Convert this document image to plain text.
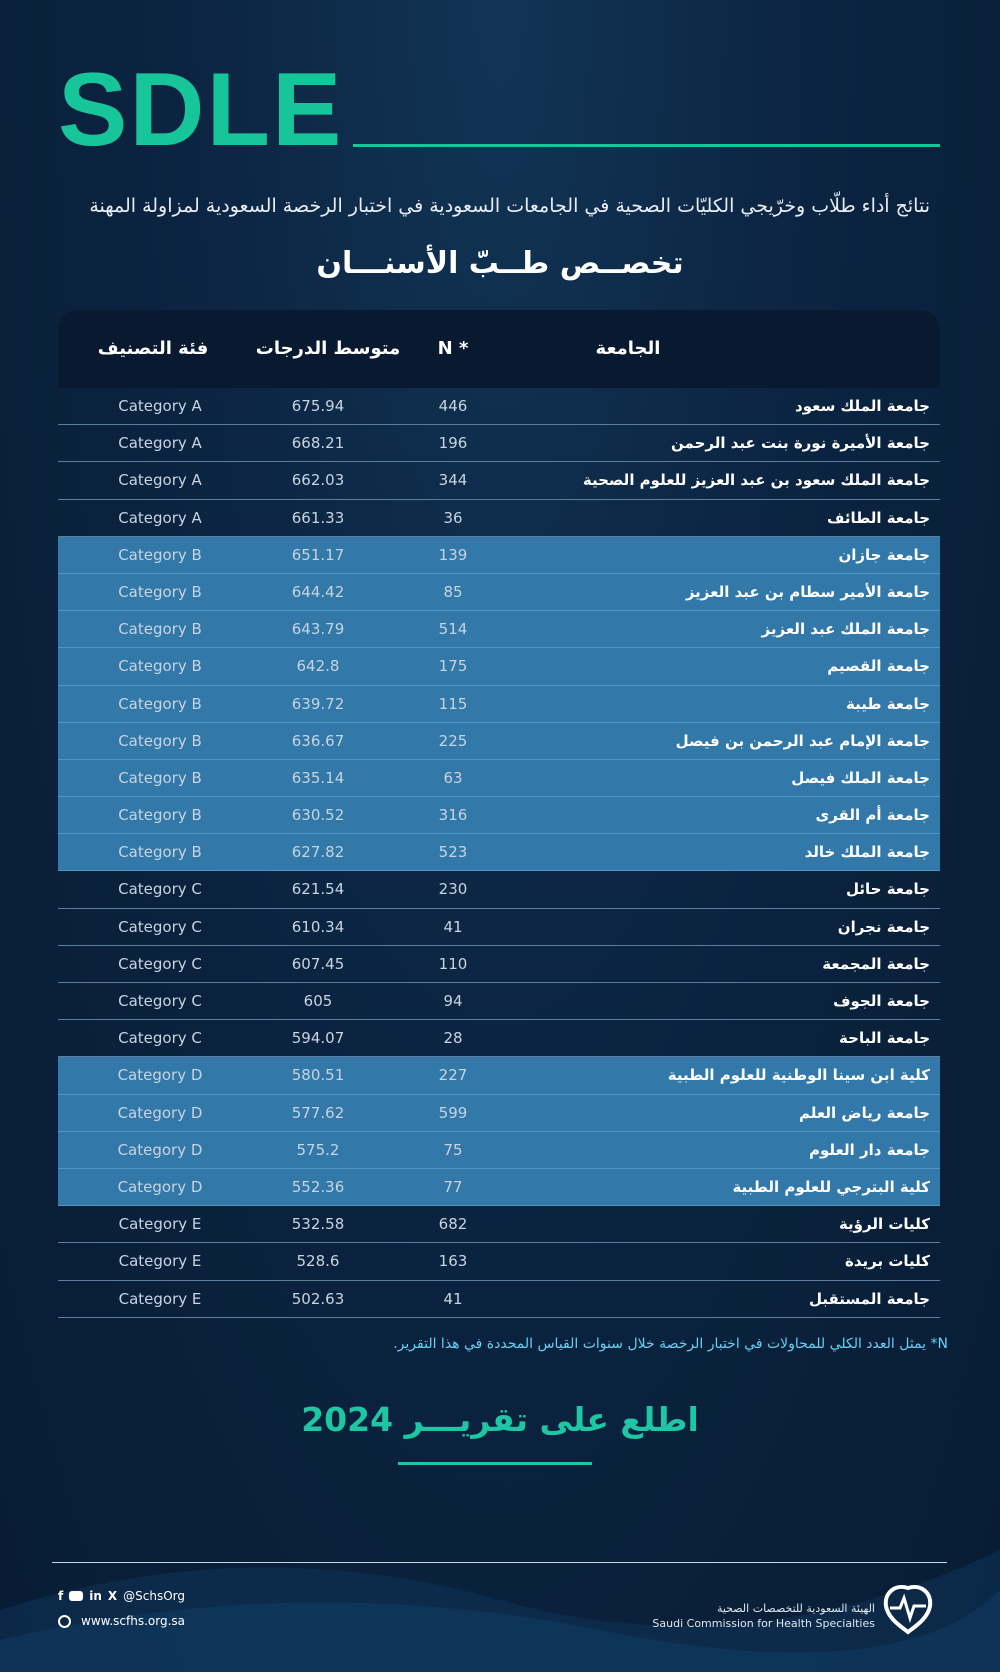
SDLE
نتائج أداء طلّاب وخرّيجي الكليّات الصحية في الجامعات السعودية في اختبار الرخصة السعودية لمزاولة المهنة
تخصــص طــبّ الأسنـــان
الجامعة
N *
متوسط الدرجات
فئة التصنيف
جامعة الملك سعود
446
675.94
Category A
جامعة الأميرة نورة بنت عبد الرحمن
196
668.21
Category A
جامعة الملك سعود بن عبد العزيز للعلوم الصحية
344
662.03
Category A
جامعة الطائف
36
661.33
Category A
جامعة جازان
139
651.17
Category B
جامعة الأمير سطام بن عبد العزيز
85
644.42
Category B
جامعة الملك عبد العزيز
514
643.79
Category B
جامعة القصيم
175
642.8
Category B
جامعة طيبة
115
639.72
Category B
جامعة الإمام عبد الرحمن بن فيصل
225
636.67
Category B
جامعة الملك فيصل
63
635.14
Category B
جامعة أم القرى
316
630.52
Category B
جامعة الملك خالد
523
627.82
Category B
جامعة حائل
230
621.54
Category C
جامعة نجران
41
610.34
Category C
جامعة المجمعة
110
607.45
Category C
جامعة الجوف
94
605
Category C
جامعة الباحة
28
594.07
Category C
كلية ابن سينا الوطنية للعلوم الطبية
227
580.51
Category D
جامعة رياض العلم
599
577.62
Category D
جامعة دار العلوم
75
575.2
Category D
كلية البترجي للعلوم الطبية
77
552.36
Category D
كليات الرؤية
682
532.58
Category E
كليات بريدة
163
528.6
Category E
جامعة المستقبل
41
502.63
Category E
N* يمثل العدد الكلي للمحاولات في اختبار الرخصة خلال سنوات القياس المحددة في هذا التقرير.
اطلع على تقريـــر 2024
f in X @SchsOrg
www.scfhs.org.sa
الهيئة السعودية للتخصصات الصحية
Saudi Commission for Health Specialties
